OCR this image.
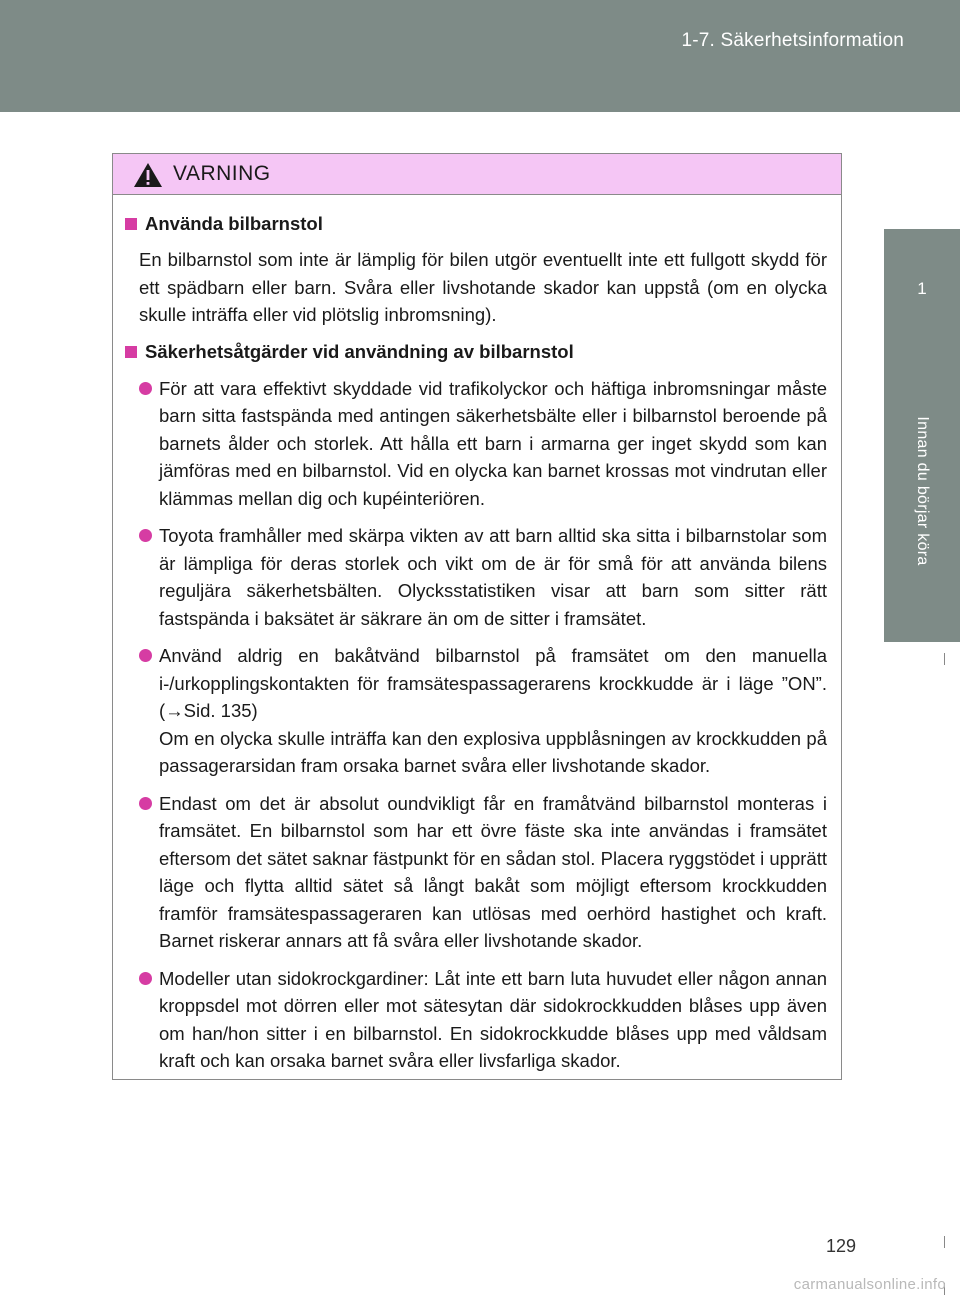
1-7. Säkerhetsinformation
1
Innan du börjar köra
VARNING
Använda bilbarnstol
En bilbarnstol som inte är lämplig för bilen utgör eventuellt inte ett fullgott skydd för ett spädbarn eller barn. Svåra eller livshotande skador kan uppstå (om en olycka skulle inträffa eller vid plötslig inbromsning).
Säkerhetsåtgärder vid användning av bilbarnstol
För att vara effektivt skyddade vid trafikolyckor och häftiga inbromsningar måste barn sitta fastspända med antingen säkerhetsbälte eller i bilbarnstol beroende på barnets ålder och storlek. Att hålla ett barn i armarna ger inget skydd som kan jämföras med en bilbarnstol. Vid en olycka kan barnet krossas mot vindrutan eller klämmas mellan dig och kupéinteriören.
Toyota framhåller med skärpa vikten av att barn alltid ska sitta i bilbarnstolar som är lämpliga för deras storlek och vikt om de är för små för att använda bilens reguljära säkerhetsbälten. Olycksstatistiken visar att barn som sitter rätt fastspända i baksätet är säkrare än om de sitter i framsätet.
Använd aldrig en bakåtvänd bilbarnstol på framsätet om den manuella i-/urkopplingskontakten för framsätespassagerarens krockkudde är i läge ”ON”. (→Sid. 135)
Om en olycka skulle inträffa kan den explosiva uppblåsningen av krockkudden på passagerarsidan fram orsaka barnet svåra eller livshotande skador.
Endast om det är absolut oundvikligt får en framåtvänd bilbarnstol monteras i framsätet. En bilbarnstol som har ett övre fäste ska inte användas i framsätet eftersom det sätet saknar fästpunkt för en sådan stol. Placera ryggstödet i upprätt läge och flytta alltid sätet så långt bakåt som möjligt eftersom krockkudden framför framsätespassageraren kan utlösas med oerhörd hastighet och kraft. Barnet riskerar annars att få svåra eller livshotande skador.
Modeller utan sidokrockgardiner: Låt inte ett barn luta huvudet eller någon annan kroppsdel mot dörren eller mot sätesytan där sidokrockkudden blåses upp även om han/hon sitter i en bilbarnstol. En sidokrockkudde blåses upp med våldsam kraft och kan orsaka barnet svåra eller livsfarliga skador.
129
carmanualsonline.info
